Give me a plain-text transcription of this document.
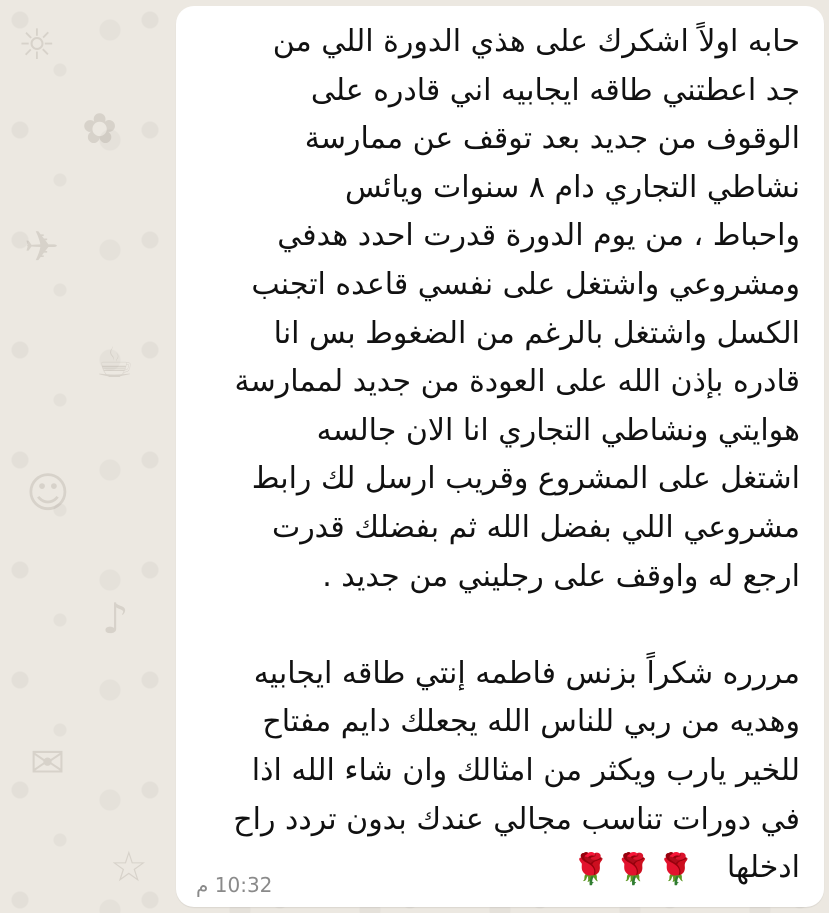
☼
✿
✈
☕
☺
♪
✉
☆
حابه اولاً اشكرك على هذي الدورة اللي من
جد اعطتني طاقه ايجابيه اني قادره على
الوقوف من جديد بعد توقف عن ممارسة
نشاطي التجاري دام ٨ سنوات ويائس
واحباط ، من يوم الدورة قدرت احدد هدفي
ومشروعي واشتغل على نفسي قاعده اتجنب
الكسل واشتغل بالرغم من الضغوط بس انا
قادره بإذن الله على العودة من جديد لممارسة
هوايتي ونشاطي التجاري انا الان جالسه
اشتغل على المشروع وقريب ارسل لك رابط
مشروعي اللي بفضل الله ثم بفضلك قدرت
ارجع له واوقف على رجليني من جديد .
مررره شكراً بزنس فاطمه إنتي طاقه ايجابيه
وهديه من ربي للناس الله يجعلك دايم مفتاح
للخير يارب ويكثر من امثالك وان شاء الله اذا
في دورات تناسب مجالي عندك بدون تردد راح
ادخلها 🌹🌹🌹
10:32 م
